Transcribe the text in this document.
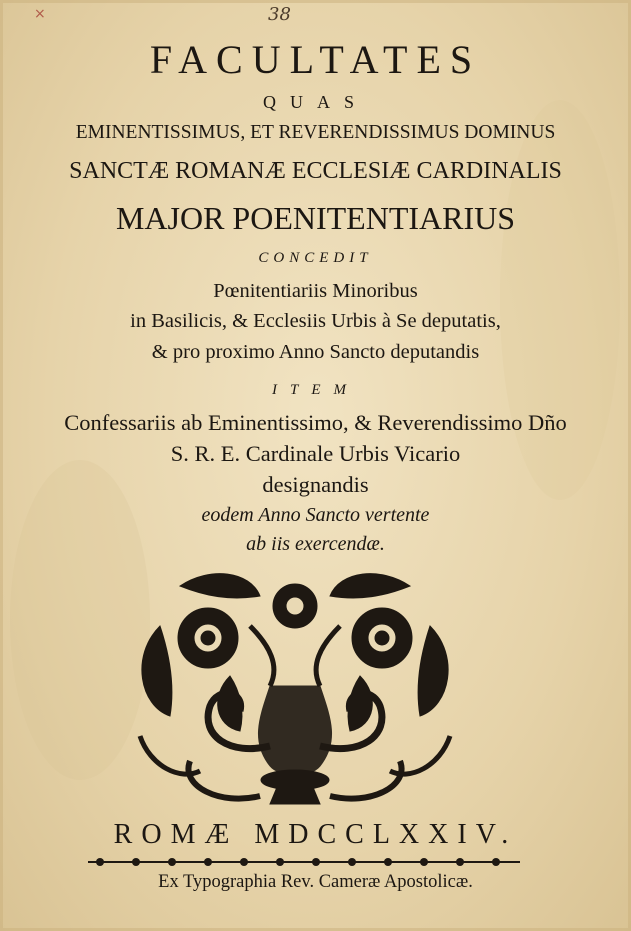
38
×
FACULTATES
QUAS
EMINENTISSIMUS, ET REVERENDISSIMUS DOMINUS
SANCTÆ ROMANÆ ECCLESIÆ CARDINALIS
MAJOR POENITENTIARIUS
CONCEDIT
Pœnitentiariis Minoribus
in Basilicis, & Ecclesiis Urbis à Se deputatis,
& pro proximo Anno Sancto deputandis
ITEM
Confessariis ab Eminentissimo, & Reverendissimo Dño
S. R. E. Cardinale Urbis Vicario
designandis
eodem Anno Sancto vertente
ab iis exercendæ.
ROMÆ MDCCLXXIV.
Ex Typographia Rev. Cameræ Apostolicæ.
